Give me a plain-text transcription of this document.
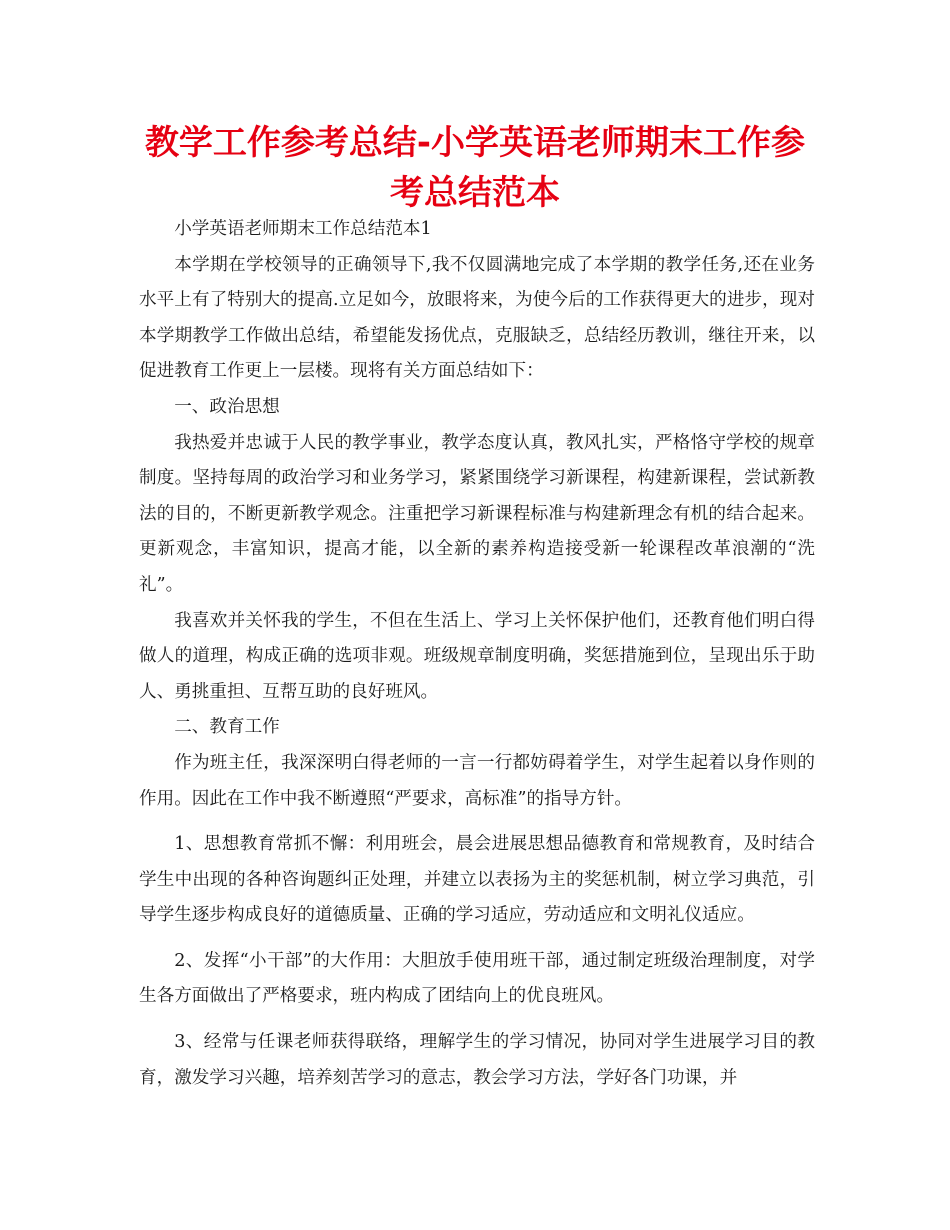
教学工作参考总结-小学英语老师期末工作参考总结范本

小学英语老师期末工作总结范本1

本学期在学校领导的正确领导下,我不仅圆满地完成了本学期的教学任务,还在业务水平上有了特别大的提高.立足如今，放眼将来，为使今后的工作获得更大的进步，现对本学期教学工作做出总结，希望能发扬优点，克服缺乏，总结经历教训，继往开来，以促进教育工作更上一层楼。现将有关方面总结如下：

一、政治思想

我热爱并忠诚于人民的教学事业，教学态度认真，教风扎实，严格恪守学校的规章制度。坚持每周的政治学习和业务学习，紧紧围绕学习新课程，构建新课程，尝试新教法的目的，不断更新教学观念。注重把学习新课程标准与构建新理念有机的结合起来。更新观念，丰富知识，提高才能，以全新的素养构造接受新一轮课程改革浪潮的“洗礼”。

我喜欢并关怀我的学生，不但在生活上、学习上关怀保护他们，还教育他们明白得做人的道理，构成正确的选项非观。班级规章制度明确，奖惩措施到位，呈现出乐于助人、勇挑重担、互帮互助的良好班风。

二、教育工作

作为班主任，我深深明白得老师的一言一行都妨碍着学生，对学生起着以身作则的作用。因此在工作中我不断遵照“严要求，高标准”的指导方针。

1、思想教育常抓不懈：利用班会，晨会进展思想品德教育和常规教育，及时结合学生中出现的各种咨询题纠正处理，并建立以表扬为主的奖惩机制，树立学习典范，引导学生逐步构成良好的道德质量、正确的学习适应，劳动适应和文明礼仪适应。

2、发挥“小干部”的大作用：大胆放手使用班干部，通过制定班级治理制度，对学生各方面做出了严格要求，班内构成了团结向上的优良班风。

3、经常与任课老师获得联络，理解学生的学习情况，协同对学生进展学习目的教育，激发学习兴趣，培养刻苦学习的意志，教会学习方法，学好各门功课，并
